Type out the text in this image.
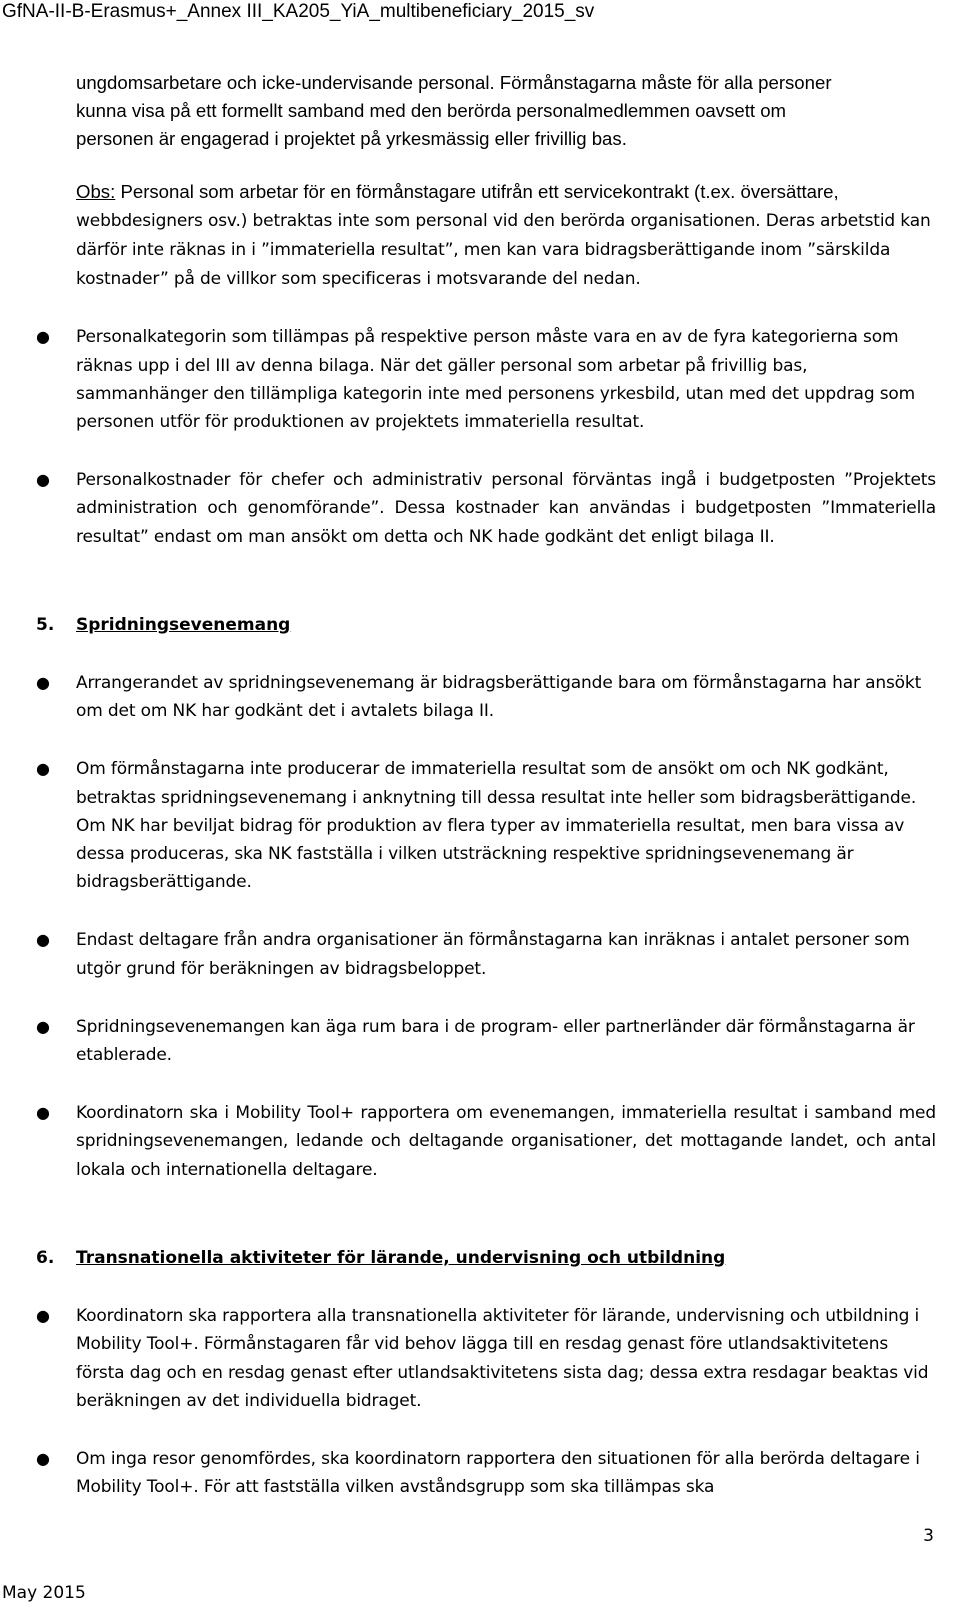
GfNA-II-B-Erasmus+_Annex III_KA205_YiA_multibeneficiary_2015_sv

ungdomsarbetare och icke-undervisande personal. Förmånstagarna måste för alla personer kunna visa på ett formellt samband med den berörda personalmedlemmen oavsett om personen är engagerad i projektet på yrkesmässig eller frivillig bas.

Obs: Personal som arbetar för en förmånstagare utifrån ett servicekontrakt (t.ex. översättare,
webbdesigners osv.) betraktas inte som personal vid den berörda organisationen. Deras arbetstid kan därför inte räknas in i ”immateriella resultat”, men kan vara bidragsberättigande inom ”särskilda kostnader” på de villkor som specificeras i motsvarande del nedan.

● Personalkategorin som tillämpas på respektive person måste vara en av de fyra kategorierna som räknas upp i del III av denna bilaga. När det gäller personal som arbetar på frivillig bas, sammanhänger den tillämpliga kategorin inte med personens yrkesbild, utan med det uppdrag som personen utför för produktionen av projektets immateriella resultat.
● Personalkostnader för chefer och administrativ personal förväntas ingå i budgetposten ”Projektets administration och genomförande”. Dessa kostnader kan användas i budgetposten ”Immateriella resultat” endast om man ansökt om detta och NK hade godkänt det enligt bilaga II.
5. Spridningsevenemang
● Arrangerandet av spridningsevenemang är bidragsberättigande bara om förmånstagarna har ansökt om det om NK har godkänt det i avtalets bilaga II.
● Om förmånstagarna inte producerar de immateriella resultat som de ansökt om och NK godkänt, betraktas spridningsevenemang i anknytning till dessa resultat inte heller som bidragsberättigande. Om NK har beviljat bidrag för produktion av flera typer av immateriella resultat, men bara vissa av dessa produceras, ska NK fastställa i vilken utsträckning respektive spridningsevenemang är bidragsberättigande.
● Endast deltagare från andra organisationer än förmånstagarna kan inräknas i antalet personer som utgör grund för beräkningen av bidragsbeloppet.
● Spridningsevenemangen kan äga rum bara i de program- eller partnerländer där förmånstagarna är etablerade.
● Koordinatorn ska i Mobility Tool+ rapportera om evenemangen, immateriella resultat i samband med spridningsevenemangen, ledande och deltagande organisationer, det mottagande landet, och antal lokala och internationella deltagare.
6. Transnationella aktiviteter för lärande, undervisning och utbildning
● Koordinatorn ska rapportera alla transnationella aktiviteter för lärande, undervisning och utbildning i Mobility Tool+. Förmånstagaren får vid behov lägga till en resdag genast före utlandsaktivitetens första dag och en resdag genast efter utlandsaktivitetens sista dag; dessa extra resdagar beaktas vid beräkningen av det individuella bidraget.
● Om inga resor genomfördes, ska koordinatorn rapportera den situationen för alla berörda deltagare i Mobility Tool+. För att fastställa vilken avståndsgrupp som ska tillämpas ska
3
May 2015
